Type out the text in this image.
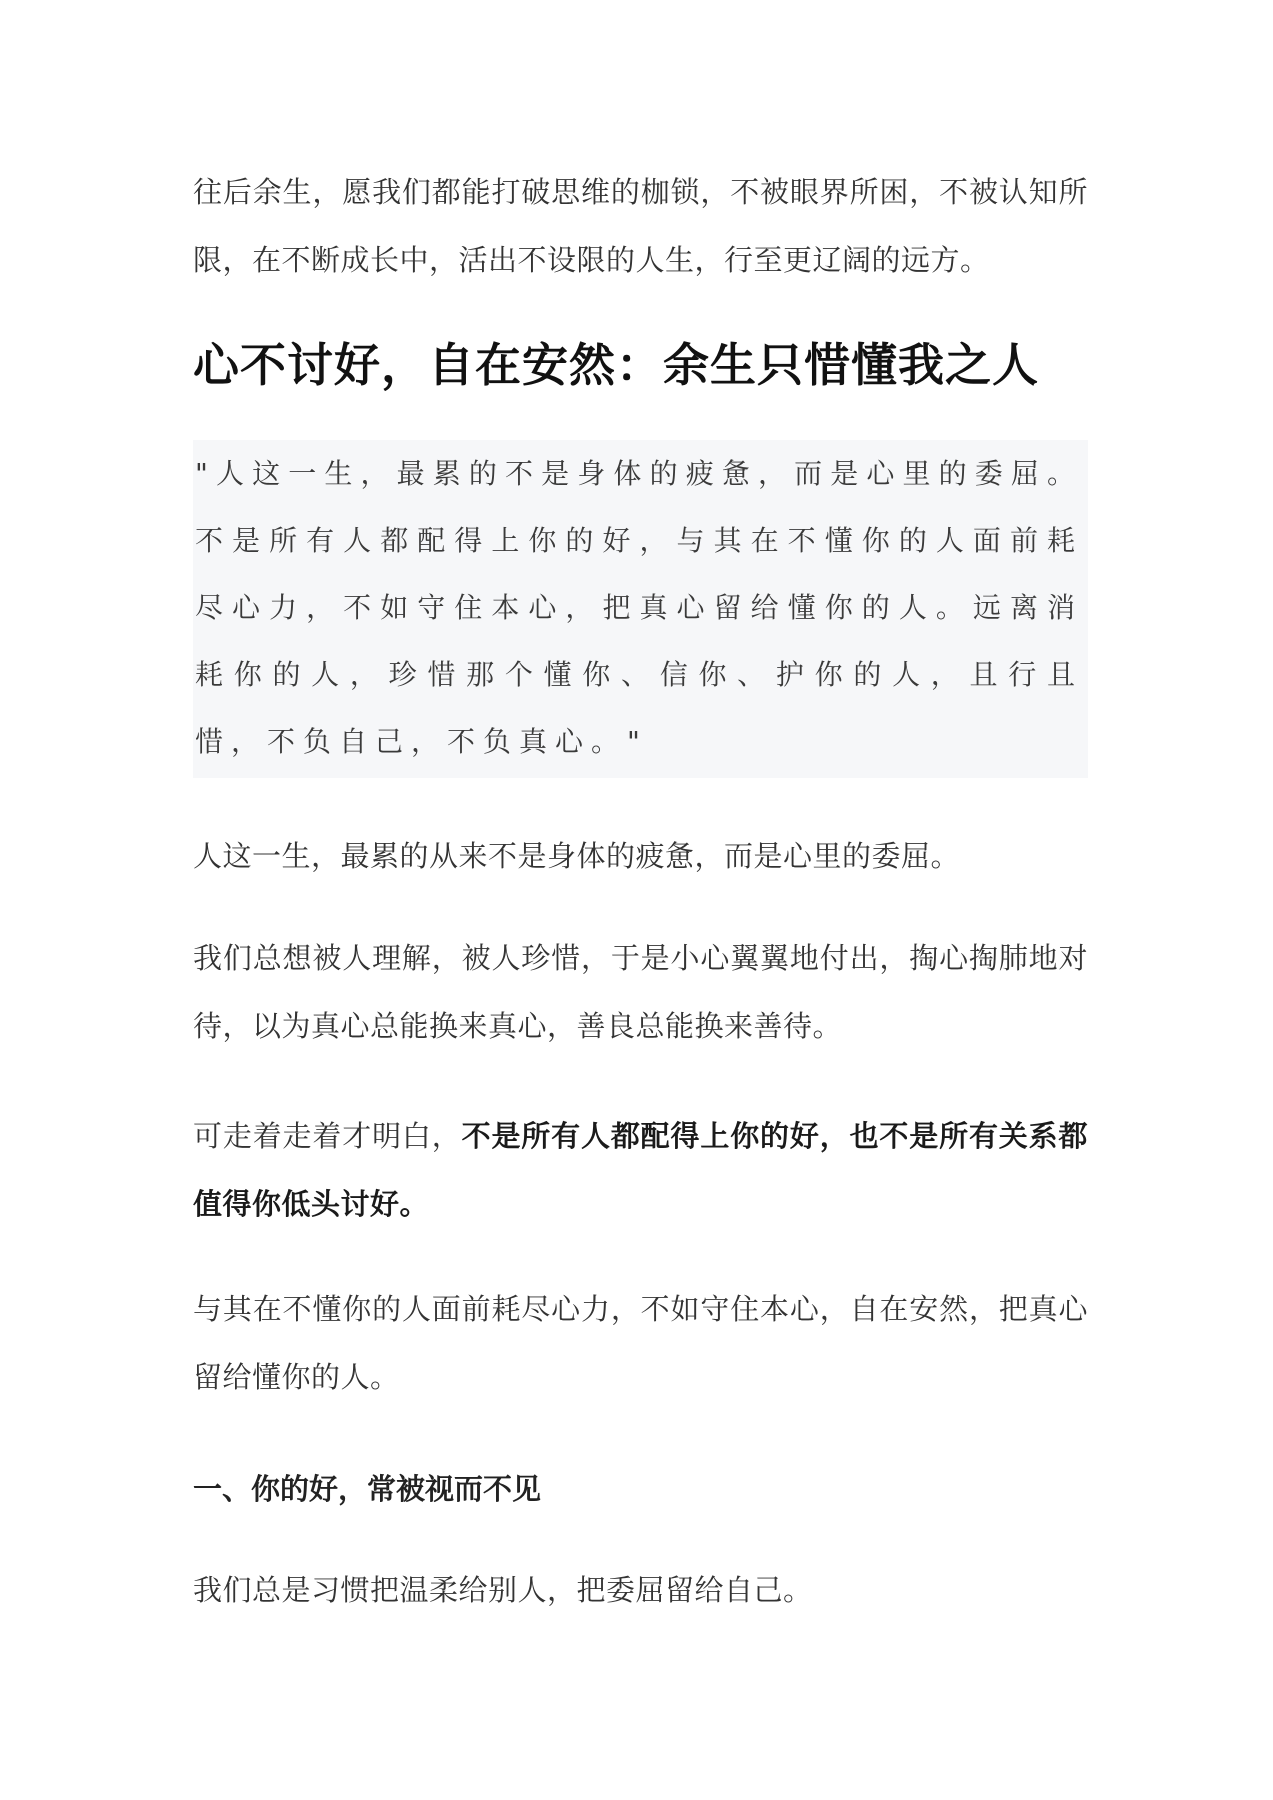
往后余生，愿我们都能打破思维的枷锁，不被眼界所困，不被认知所限，在不断成长中，活出不设限的人生，行至更辽阔的远方。

心不讨好，自在安然：余生只惜懂我之人

"人这一生，最累的不是身体的疲惫，而是心里的委屈。不是所有人都配得上你的好，与其在不懂你的人面前耗尽心力，不如守住本心，把真心留给懂你的人。远离消耗你的人，珍惜那个懂你、信你、护你的人，且行且惜，不负自己，不负真心。"

人这一生，最累的从来不是身体的疲惫，而是心里的委屈。

我们总想被人理解，被人珍惜，于是小心翼翼地付出，掏心掏肺地对待，以为真心总能换来真心，善良总能换来善待。

可走着走着才明白，不是所有人都配得上你的好，也不是所有关系都值得你低头讨好。

与其在不懂你的人面前耗尽心力，不如守住本心，自在安然，把真心留给懂你的人。

一、你的好，常被视而不见

我们总是习惯把温柔给别人，把委屈留给自己。
